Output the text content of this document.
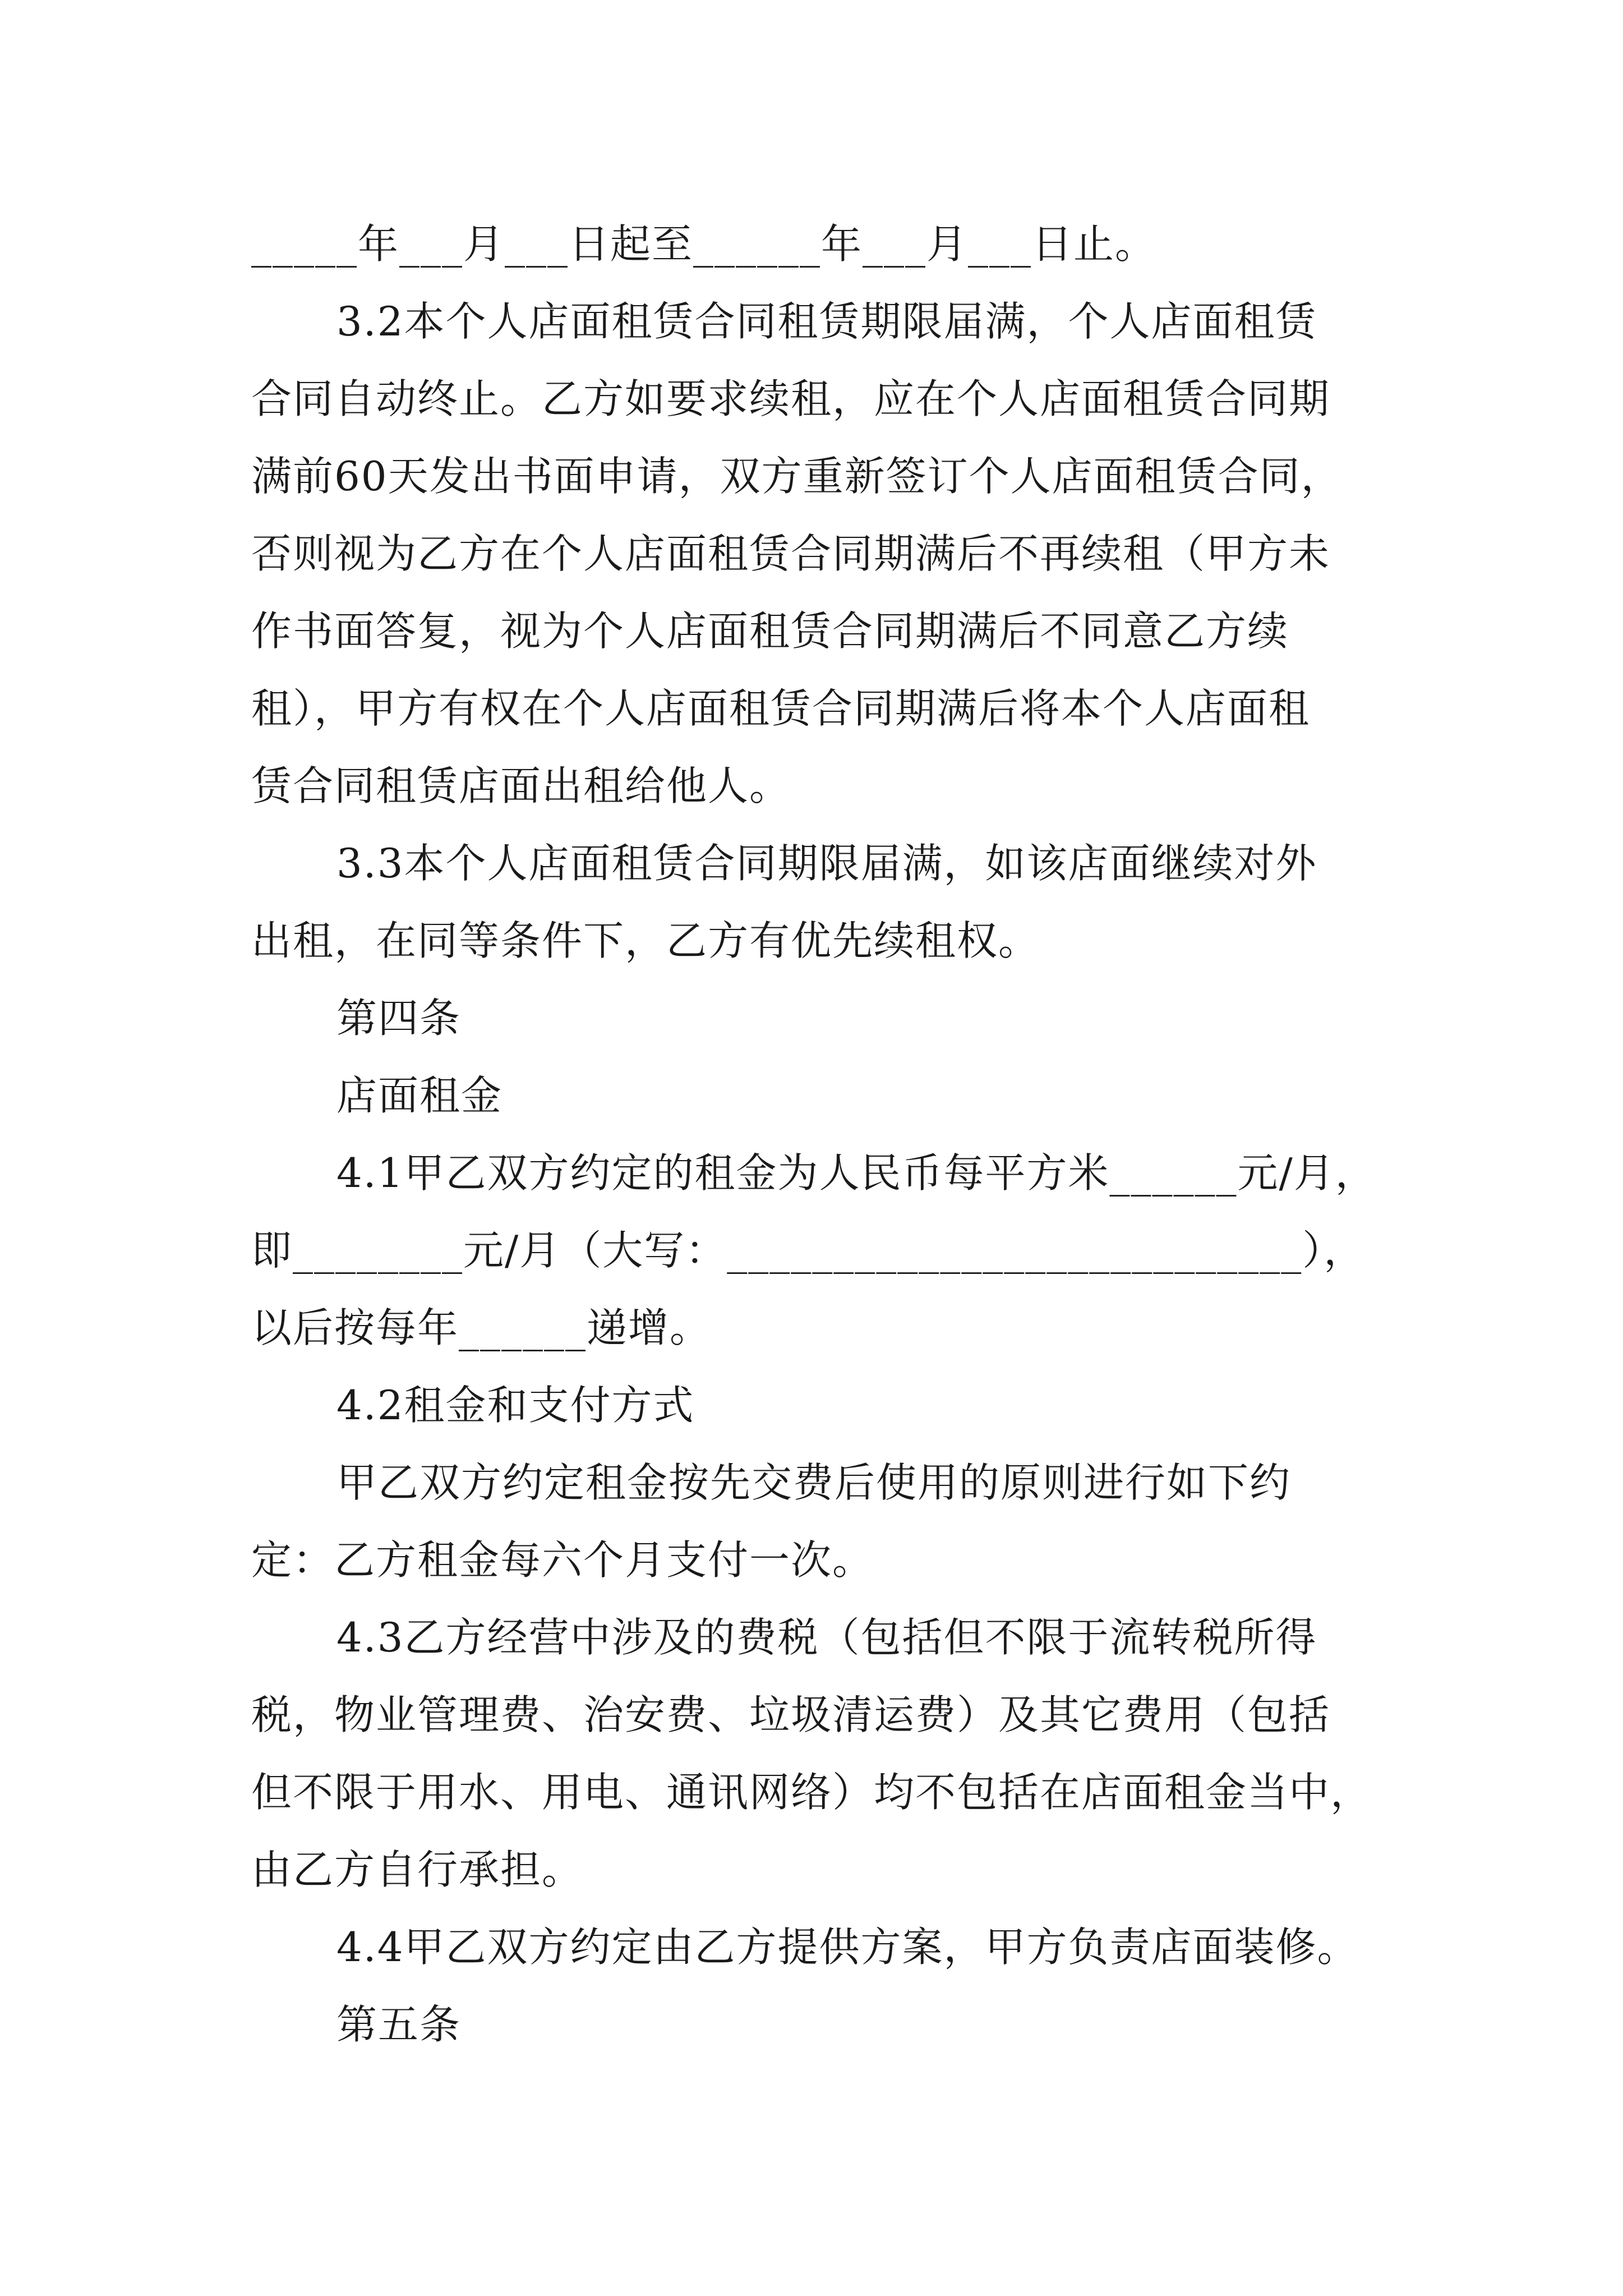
_____年___月___日起至______年___月___日止。
3.2本个人店面租赁合同租赁期限届满，个人店面租赁
合同自动终止。乙方如要求续租，应在个人店面租赁合同期
满前60天发出书面申请，双方重新签订个人店面租赁合同，
否则视为乙方在个人店面租赁合同期满后不再续租（甲方未
作书面答复，视为个人店面租赁合同期满后不同意乙方续
租），甲方有权在个人店面租赁合同期满后将本个人店面租
赁合同租赁店面出租给他人。
3.3本个人店面租赁合同期限届满，如该店面继续对外
出租，在同等条件下，乙方有优先续租权。
第四条
店面租金
4.1甲乙双方约定的租金为人民币每平方米______元/月，
即________元/月（大写：___________________________），
以后按每年______递增。
4.2租金和支付方式
甲乙双方约定租金按先交费后使用的原则进行如下约
定：乙方租金每六个月支付一次。
4.3乙方经营中涉及的费税（包括但不限于流转税所得
税，物业管理费、治安费、垃圾清运费）及其它费用（包括
但不限于用水、用电、通讯网络）均不包括在店面租金当中，
由乙方自行承担。
4.4甲乙双方约定由乙方提供方案，甲方负责店面装修。
第五条
